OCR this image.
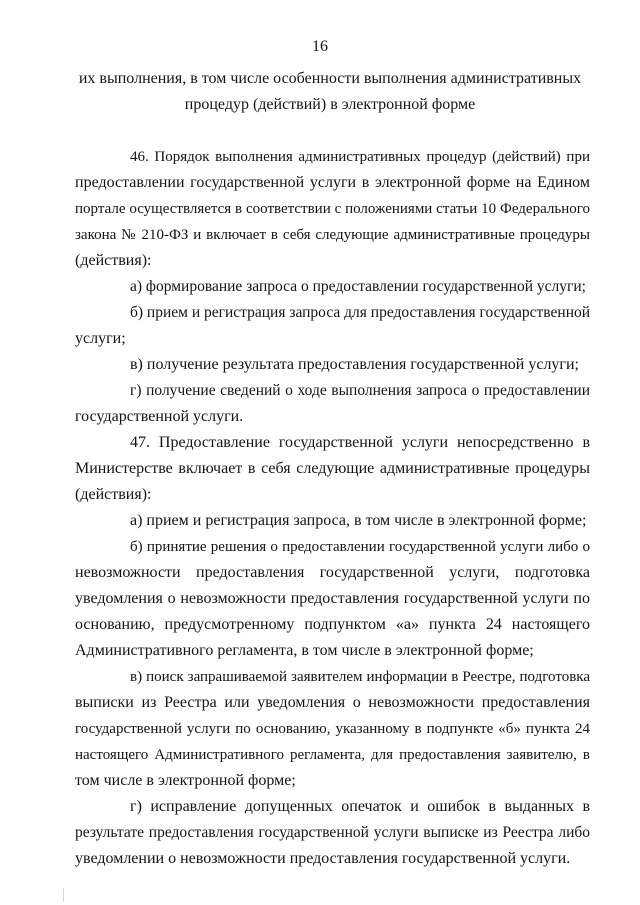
16
их выполнения, в том числе особенности выполнения административных
процедур (действий) в электронной форме
46. Порядок выполнения административных процедур (действий) при
предоставлении государственной услуги в электронной форме на Едином
портале осуществляется в соответствии с положениями статьи 10 Федерального
закона № 210-ФЗ и включает в себя следующие административные процедуры
(действия):
а) формирование запроса о предоставлении государственной услуги;
б) прием и регистрация запроса для предоставления государственной
услуги;
в) получение результата предоставления государственной услуги;
г) получение сведений о ходе выполнения запроса о предоставлении
государственной услуги.
47. Предоставление государственной услуги непосредственно в
Министерстве включает в себя следующие административные процедуры
(действия):
а) прием и регистрация запроса, в том числе в электронной форме;
б) принятие решения о предоставлении государственной услуги либо о
невозможности предоставления государственной услуги, подготовка
уведомления о невозможности предоставления государственной услуги по
основанию, предусмотренному подпунктом «а» пункта 24 настоящего
Административного регламента, в том числе в электронной форме;
в) поиск запрашиваемой заявителем информации в Реестре, подготовка
выписки из Реестра или уведомления о невозможности предоставления
государственной услуги по основанию, указанному в подпункте «б» пункта 24
настоящего Административного регламента, для предоставления заявителю, в
том числе в электронной форме;
г) исправление допущенных опечаток и ошибок в выданных в
результате предоставления государственной услуги выписке из Реестра либо
уведомлении о невозможности предоставления государственной услуги.
